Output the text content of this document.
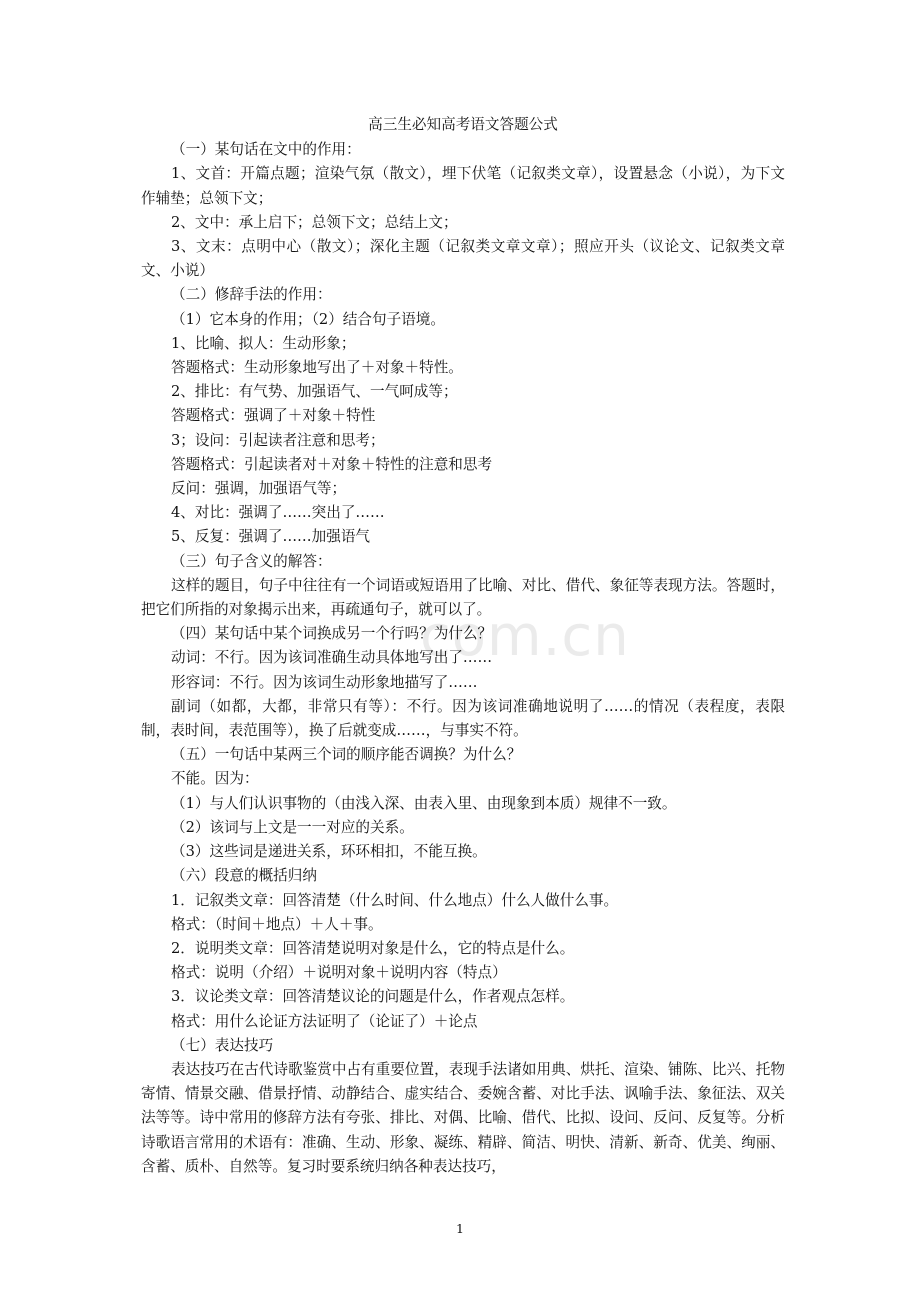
com.cn
高三生必知高考语文答题公式

（一）某句话在文中的作用：

1、文首：开篇点题；渲染气氛（散文），埋下伏笔（记叙类文章），设置悬念（小说），为下文作辅垫；总领下文；

2、文中：承上启下；总领下文；总结上文；

3、文末：点明中心（散文）；深化主题（记叙类文章文章）；照应开头（议论文、记叙类文章文、小说）

（二）修辞手法的作用：

（1）它本身的作用；（2）结合句子语境。

1、比喻、拟人：生动形象；

答题格式：生动形象地写出了＋对象＋特性。

2、排比：有气势、加强语气、一气呵成等；

答题格式：强调了＋对象＋特性

3；设问：引起读者注意和思考；

答题格式：引起读者对＋对象＋特性的注意和思考

反问：强调，加强语气等；

4、对比：强调了……突出了……

5、反复：强调了……加强语气

（三）句子含义的解答：

这样的题目，句子中往往有一个词语或短语用了比喻、对比、借代、象征等表现方法。答题时，把它们所指的对象揭示出来，再疏通句子，就可以了。

（四）某句话中某个词换成另一个行吗？为什么？

动词：不行。因为该词准确生动具体地写出了……

形容词：不行。因为该词生动形象地描写了……

副词（如都，大都，非常只有等）：不行。因为该词准确地说明了……的情况（表程度，表限制，表时间，表范围等），换了后就变成……，与事实不符。

（五）一句话中某两三个词的顺序能否调换？为什么？

不能。因为：

（1）与人们认识事物的（由浅入深、由表入里、由现象到本质）规律不一致。

（2）该词与上文是一一对应的关系。

（3）这些词是递进关系，环环相扣，不能互换。

（六）段意的概括归纳

1．记叙类文章：回答清楚（什么时间、什么地点）什么人做什么事。

格式：（时间＋地点）＋人＋事。

2．说明类文章：回答清楚说明对象是什么，它的特点是什么。

格式：说明（介绍）＋说明对象＋说明内容（特点）

3．议论类文章：回答清楚议论的问题是什么，作者观点怎样。

格式：用什么论证方法证明了（论证了）＋论点

（七）表达技巧

表达技巧在古代诗歌鉴赏中占有重要位置，表现手法诸如用典、烘托、渲染、铺陈、比兴、托物寄情、情景交融、借景抒情、动静结合、虚实结合、委婉含蓄、对比手法、讽喻手法、象征法、双关法等等。诗中常用的修辞方法有夸张、排比、对偶、比喻、借代、比拟、设问、反问、反复等。分析诗歌语言常用的术语有：准确、生动、形象、凝练、精辟、简洁、明快、清新、新奇、优美、绚丽、含蓄、质朴、自然等。复习时要系统归纳各种表达技巧，

1
